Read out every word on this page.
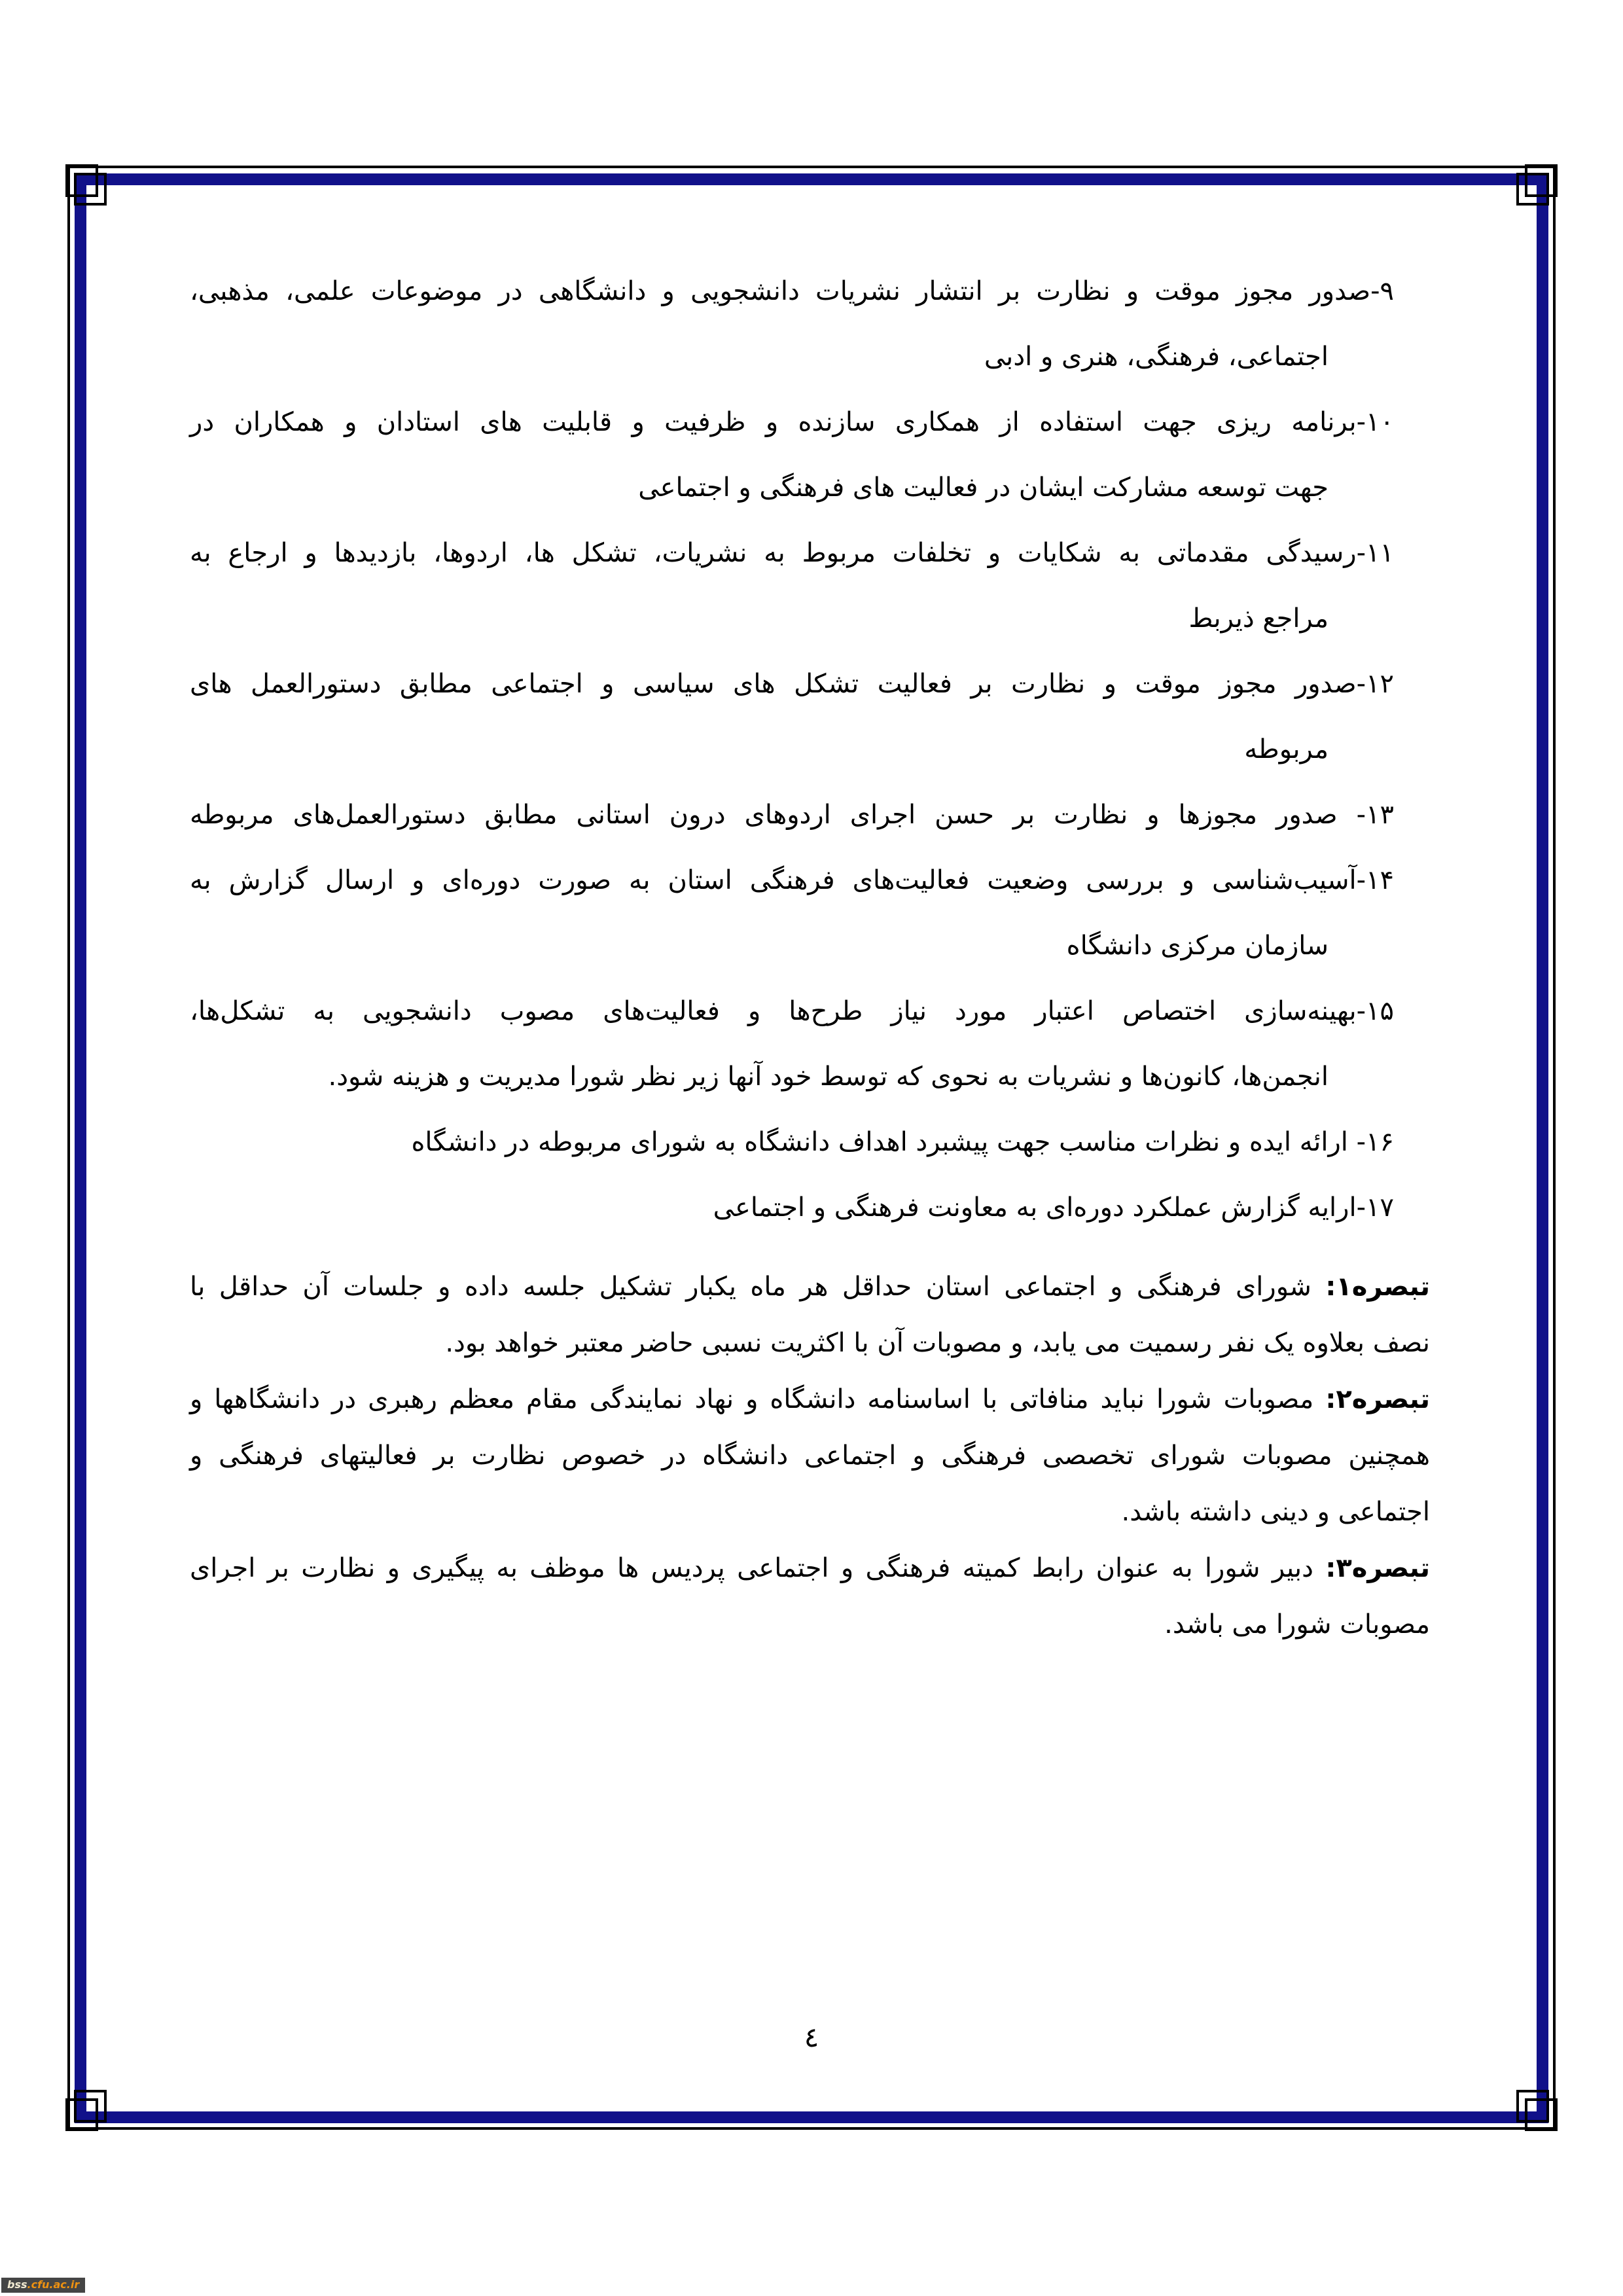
۹-صدور مجوز موقت و نظارت بر انتشار نشریات دانشجویی و دانشگاهی در موضوعات علمی، مذهبی،
اجتماعی، فرهنگی، هنری و ادبی
۱۰-برنامه ریزی جهت استفاده از همکاری سازنده و ظرفیت و قابلیت های استادان و همکاران در
جهت توسعه مشارکت ایشان در فعالیت های فرهنگی و اجتماعی
۱۱-رسیدگی مقدماتی به شکایات و تخلفات مربوط به نشریات، تشکل ها، اردوها، بازدیدها و ارجاع به
مراجع ذیربط
۱۲-صدور مجوز موقت و نظارت بر فعالیت تشکل های سیاسی و اجتماعی مطابق دستورالعمل های
مربوطه
۱۳- صدور مجوزها و نظارت بر حسن اجرای اردوهای درون استانی مطابق دستورالعمل‌های مربوطه
۱۴-آسیب‌شناسی و بررسی وضعیت فعالیت‌های فرهنگی استان به صورت دوره‌ای و ارسال گزارش به
سازمان مرکزی دانشگاه
۱۵-بهینه‌سازی اختصاص اعتبار مورد نیاز طرح‌ها و فعالیت‌های مصوب دانشجویی به تشکل‌ها،
انجمن‌ها، کانون‌ها و نشریات به نحوی که توسط خود آنها زیر نظر شورا مدیریت و هزینه شود.
۱۶- ارائه ایده و نظرات مناسب جهت پیشبرد اهداف دانشگاه به شورای مربوطه در دانشگاه
۱۷-ارایه گزارش عملکرد دوره‌ای به معاونت فرهنگی و اجتماعی
تبصره۱: شورای فرهنگی و اجتماعی استان حداقل هر ماه یکبار تشکیل جلسه داده و جلسات آن حداقل با
نصف بعلاوه یک نفر رسمیت می یابد، و مصوبات آن با اکثریت نسبی حاضر معتبر خواهد بود.
تبصره۲: مصوبات شورا نباید منافاتی با اساسنامه دانشگاه و نهاد نمایندگی مقام معظم رهبری در دانشگاهها و
همچنین مصوبات شورای تخصصی فرهنگی و اجتماعی دانشگاه در خصوص نظارت بر فعالیتهای فرهنگی و
اجتماعی و دینی داشته باشد.
تبصره۳: دبیر شورا به عنوان رابط کمیته فرهنگی و اجتماعی پردیس ها موظف به پیگیری و نظارت بر اجرای
مصوبات شورا می باشد.
٤
bss.cfu.ac.ir
